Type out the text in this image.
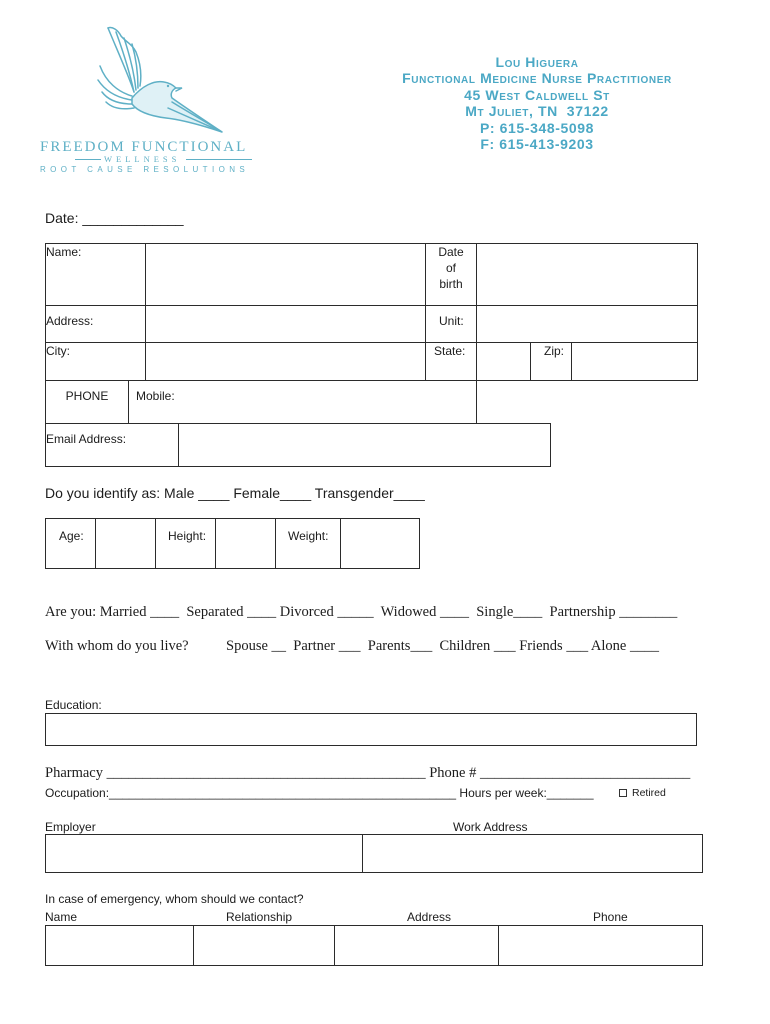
FREEDOM FUNCTIONAL
WELLNESS
ROOT CAUSE RESOLUTIONS
Lou Higuera
Functional Medicine Nurse Practitioner
45 West Caldwell St
Mt Juliet, TN  37122
P: 615-348-5098
F: 615-413-9203
Date: _____________
Name:		Date of birth			

Address:		Unit:			
City:		State:		Zip:	
PHONE	Mobile:
Email Address:	
Do you identify as: Male ____ Female____ Transgender____
Age:		Height:		Weight:	
Are you: Married ____  Separated ____ Divorced _____  Widowed ____  Single____  Partnership ________
With whom do you live?	Spouse __  Partner ___  Parents___  Children ___ Friends ___ Alone ____
Education:
Pharmacy ____________________________________________ Phone # _____________________________
Occupation:____________________________________________________ Hours per week:_______	Retired
Employer	Work Address

In case of emergency, whom should we contact?
Name	Relationship	Address	Phone
